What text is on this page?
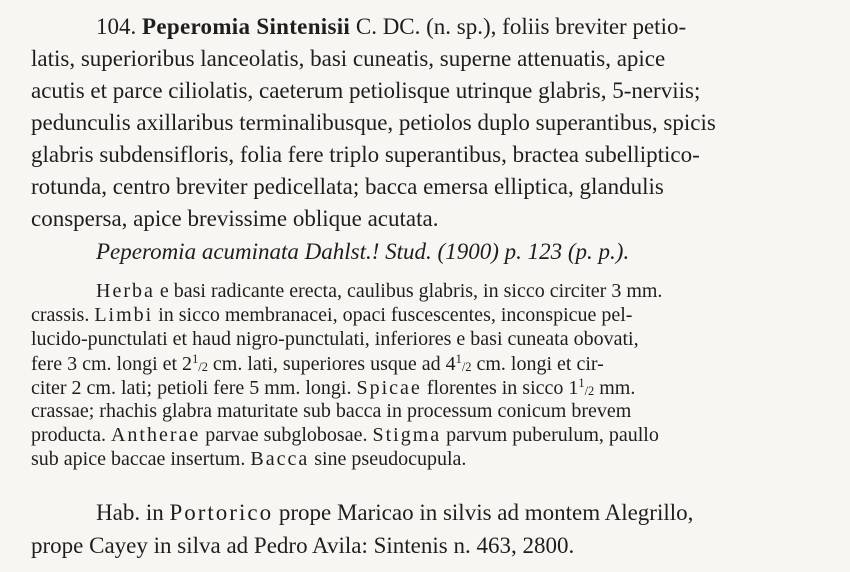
104. Peperomia Sintenisii C. DC. (n. sp.), foliis breviter petio-
latis, superioribus lanceolatis, basi cuneatis, superne attenuatis, apice
acutis et parce ciliolatis, caeterum petiolisque utrinque glabris, 5-nerviis;
pedunculis axillaribus terminalibusque, petiolos duplo superantibus, spicis
glabris subdensifloris, folia fere triplo superantibus, bractea subelliptico-
rotunda, centro breviter pedicellata; bacca emersa elliptica, glandulis
conspersa, apice brevissime oblique acutata.
Peperomia acuminata Dahlst.! Stud. (1900) p. 123 (p. p.).
Herba e basi radicante erecta, caulibus glabris, in sicco circiter 3 mm.
crassis. Limbi in sicco membranacei, opaci fuscescentes, inconspicue pel-
lucido-punctulati et haud nigro-punctulati, inferiores e basi cuneata obovati,
fere 3 cm. longi et $2^1_{/2}$ cm. lati, superiores usque ad $4^1_{/2}$ cm. longi et cir-
citer 2 cm. lati; petioli fere 5 mm. longi. Spicae florentes in sicco $1^1_{/2}$ mm.
crassae; rhachis glabra maturitate sub bacca in processum conicum brevem
producta. Antherae parvae subglobosae. Stigma parvum puberulum, paullo
sub apice baccae insertum. Bacca sine pseudocupula.
Hab. in Portorico prope Maricao in silvis ad montem Alegrillo,
prope Cayey in silva ad Pedro Avila: Sintenis n. 463, 2800.
